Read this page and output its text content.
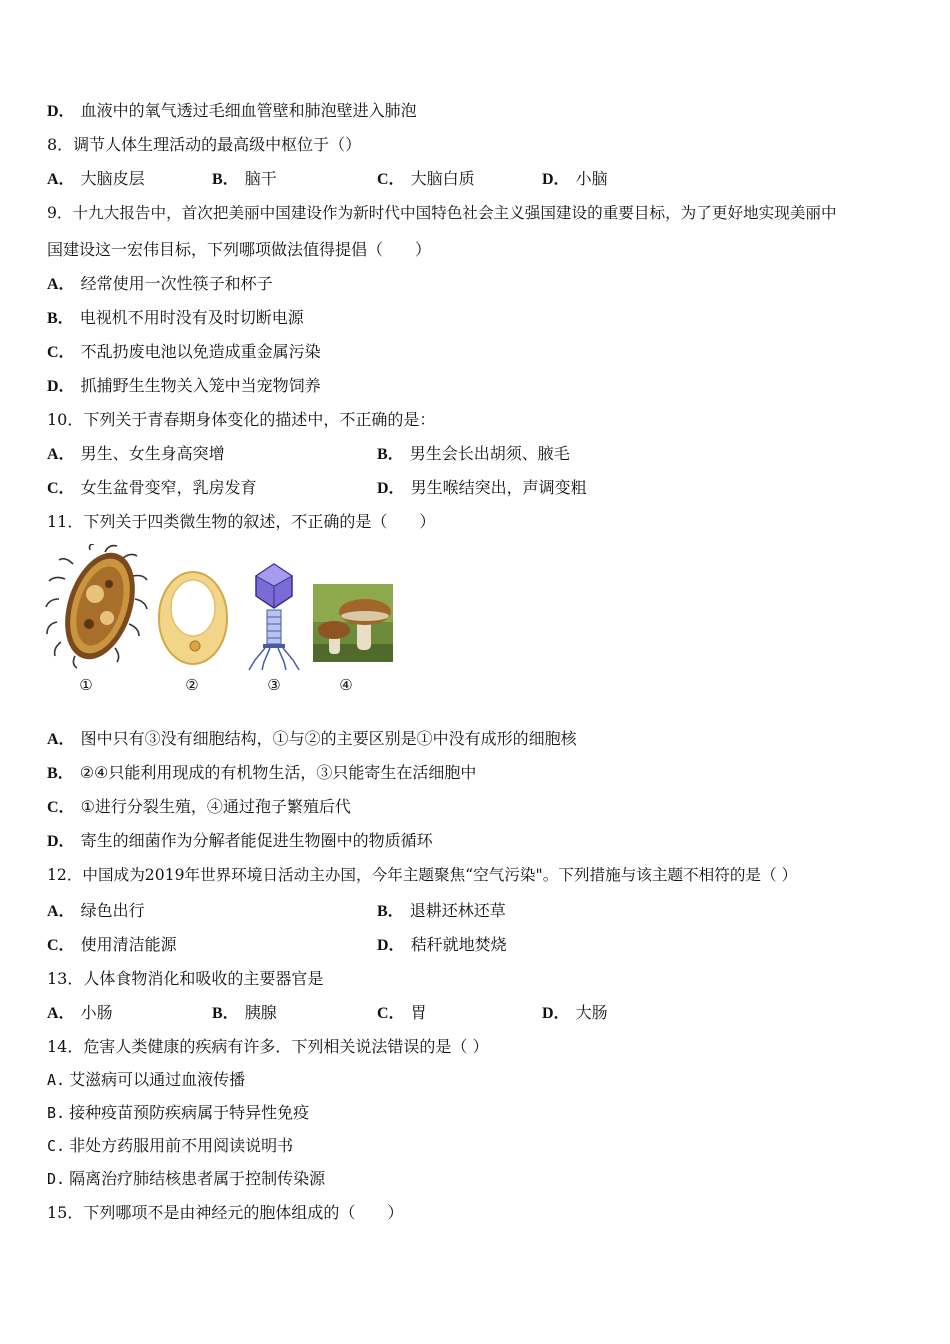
D． 血液中的氧气透过毛细血管壁和肺泡壁进入肺泡
8．调节人体生理活动的最高级中枢位于（）
A． 大脑皮层	B． 脑干	C． 大脑白质	D． 小脑
9．十九大报告中，首次把美丽中国建设作为新时代中国特色社会主义强国建设的重要目标，为了更好地实现美丽中
国建设这一宏伟目标，下列哪项做法值得提倡（　　）
A． 经常使用一次性筷子和杯子
B． 电视机不用时没有及时切断电源
C． 不乱扔废电池以免造成重金属污染
D． 抓捕野生生物关入笼中当宠物饲养
10．下列关于青春期身体变化的描述中，不正确的是：
A． 男生、女生身高突增	B． 男生会长出胡须、腋毛
C． 女生盆骨变窄，乳房发育	D． 男生喉结突出，声调变粗
11．下列关于四类微生物的叙述，不正确的是（　　）
①	②	③	④
A． 图中只有③没有细胞结构，①与②的主要区别是①中没有成形的细胞核
B． ②④只能利用现成的有机物生活，③只能寄生在活细胞中
C． ①进行分裂生殖，④通过孢子繁殖后代
D． 寄生的细菌作为分解者能促进生物圈中的物质循环
12．中国成为2019年世界环境日活动主办国，今年主题聚焦“空气污染"。下列措施与该主题不相符的是（ ）
A． 绿色出行	B． 退耕还林还草
C． 使用清洁能源	D． 秸秆就地焚烧
13．人体食物消化和吸收的主要器官是
A． 小肠	B． 胰腺	C． 胃	D． 大肠
14．危害人类健康的疾病有许多．下列相关说法错误的是（ ）
A. 艾滋病可以通过血液传播
B. 接种疫苗预防疾病属于特异性免疫
C. 非处方药服用前不用阅读说明书
D. 隔离治疗肺结核患者属于控制传染源
15．下列哪项不是由神经元的胞体组成的（　　）
